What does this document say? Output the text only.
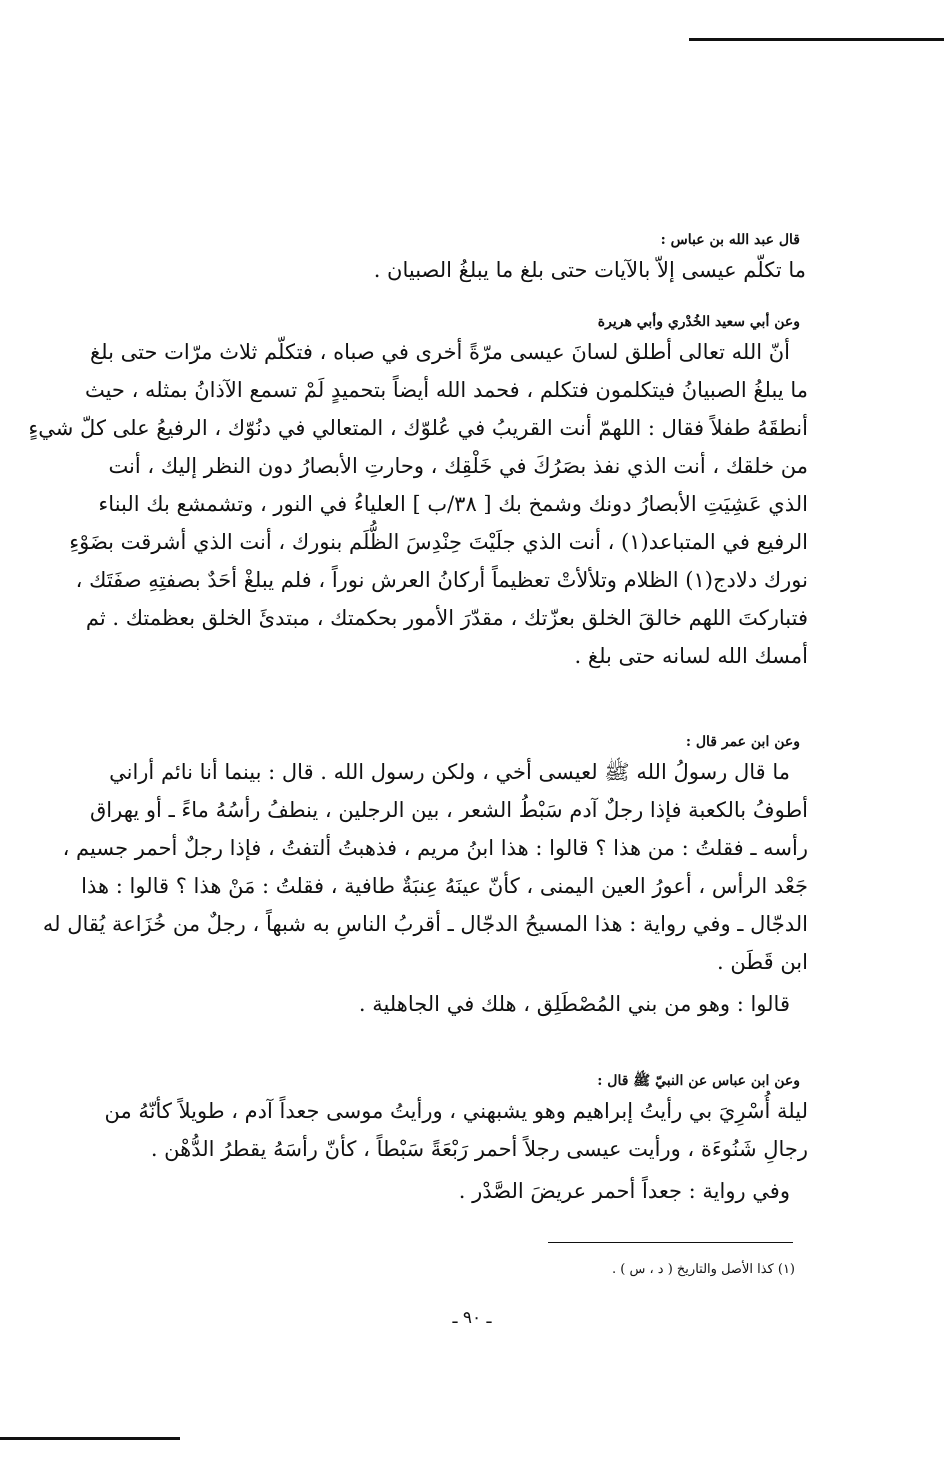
قال عبد الله بن عباس :
ما تكلّم عيسى إلاّ بالآيات حتى بلغ ما يبلغُ الصبيان .
وعن أبي سعيد الخُدْري وأبي هريرة
أنّ الله تعالى أطلق لسانَ عيسى مرّةً أخرى في صباه ، فتكلّم ثلاث مرّات حتى بلغ
ما يبلغُ الصبيانُ فيتكلمون فتكلم ، فحمد الله أيضاً بتحميدٍ لَمْ تسمع الآذانُ بمثله ، حيث
أنطقَهُ طفلاً فقال : اللهمّ أنت القريبُ في عُلوّك ، المتعالي في دنُوّك ، الرفيعُ على كلّ شيءٍ
من خلقك ، أنت الذي نفذ بصَرُكَ في خَلْقِك ، وحارتِ الأبصارُ دون النظر إليك ، أنت
الذي عَشِيَتِ الأبصارُ دونك وشمخ بك [ ٣٨/ب ] العلياءُ في النور ، وتشمشع بك البناء
الرفيع في المتباعد(١) ، أنت الذي جلَيْتَ حِنْدِسَ الظُّلَم بنورك ، أنت الذي أشرقت بضَوْءِ
نورك دلادج(١) الظلام وتلألأتْ تعظيماً أركانُ العرش نوراً ، فلم يبلغْ أحَدٌ بصفتِهِ صفَتَك ،
فتباركتَ اللهم خالقَ الخلق بعزّتك ، مقدّرَ الأمور بحكمتك ، مبتدئَ الخلق بعظمتك . ثم
أمسك الله لسانه حتى بلغ .
وعن ابن عمر قال :
ما قال رسولُ الله ﷺ لعيسى أخي ، ولكن رسول الله . قال : بينما أنا نائم أراني
أطوفُ بالكعبة فإذا رجلٌ آدم سَبْطُ الشعر ، بين الرجلين ، ينطفُ رأسُهُ ماءً ـ أو يهراق
رأسه ـ فقلتُ : من هذا ؟ قالوا : هذا ابنُ مريم ، فذهبتُ ألتفتُ ، فإذا رجلٌ أحمر جسيم ،
جَعْد الرأس ، أعورُ العين اليمنى ، كأنّ عينَهُ عِنبَةٌ طافية ، فقلتُ : مَنْ هذا ؟ قالوا : هذا
الدجّال ـ وفي رواية : هذا المسيحُ الدجّال ـ أقربُ الناسِ به شبهاً ، رجلٌ من خُزَاعة يُقال له
ابن قَطَن .
قالوا : وهو من بني المُصْطَلِق ، هلك في الجاهلية .
وعن ابن عباس عن النبيّ ﷺ قال :
ليلة أُسْرِيَ بي رأيتُ إبراهيم وهو يشبهني ، ورأيتُ موسى جعداً آدم ، طويلاً كأنّهُ من
رجالِ شَنُوءَة ، ورأيت عيسى رجلاً أحمر رَبْعَةً سَبْطاً ، كأنّ رأسَهُ يقطرُ الدُّهْن .
وفي رواية : جعداً أحمر عريضَ الصَّدْر .
(١) كذا الأصل والتاريخ ( د ، س ) .
ـ ٩٠ ـ
